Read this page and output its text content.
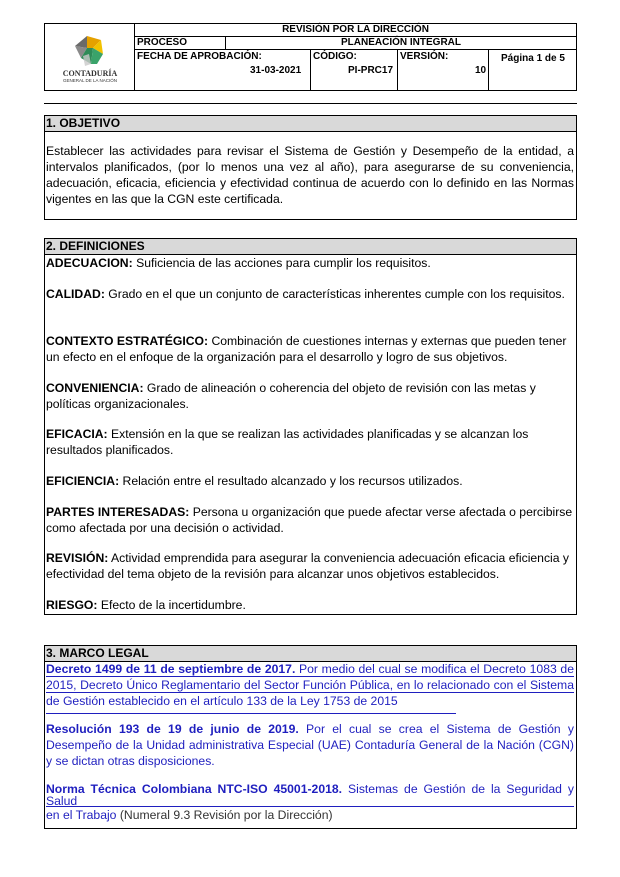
CONTADURÍA
GENERAL DE LA NACIÓN
REVISIÓN POR LA DIRECCIÓN
PROCESO	PLANEACIÓN INTEGRAL
FECHA DE APROBACIÓN:
31-03-2021
CÓDIGO:
PI-PRC17
VERSIÓN:
10
Página 1 de 5
1. OBJETIVO
Establecer las actividades para revisar el Sistema de Gestión y Desempeño de la entidad, a intervalos planificados, (por lo menos una vez al año), para asegurarse de su conveniencia, adecuación, eficacia, eficiencia y efectividad continua de acuerdo con lo definido en las Normas vigentes en las que la CGN este certificada.
2. DEFINICIONES
ADECUACION: Suficiencia de las acciones para cumplir los requisitos.
CALIDAD: Grado en el que un conjunto de características inherentes cumple con los requisitos.
CONTEXTO ESTRATÉGICO: Combinación de cuestiones internas y externas que pueden tener un efecto en el enfoque de la organización para el desarrollo y logro de sus objetivos.
CONVENIENCIA: Grado de alineación o coherencia del objeto de revisión con las metas y políticas organizacionales.
EFICACIA: Extensión en la que se realizan las actividades planificadas y se alcanzan los resultados planificados.
EFICIENCIA: Relación entre el resultado alcanzado y los recursos utilizados.
PARTES INTERESADAS: Persona u organización que puede afectar verse afectada o percibirse como afectada por una decisión o actividad.
REVISIÓN: Actividad emprendida para asegurar la conveniencia adecuación eficacia eficiencia y efectividad del tema objeto de la revisión para alcanzar unos objetivos establecidos.
RIESGO: Efecto de la incertidumbre.
3. MARCO LEGAL
Decreto 1499 de 11 de septiembre de 2017. Por medio del cual se modifica el Decreto 1083 de 2015, Decreto Único Reglamentario del Sector Función Pública, en lo relacionado con el Sistema de Gestión establecido en el artículo 133 de la Ley 1753 de 2015
Resolución 193 de 19 de junio de 2019. Por el cual se crea el Sistema de Gestión y Desempeño de la Unidad administrativa Especial (UAE) Contaduría General de la Nación (CGN) y se dictan otras disposiciones.
Norma Técnica Colombiana NTC-ISO 45001-2018. Sistemas de Gestión de la Seguridad y Salud
en el Trabajo (Numeral 9.3 Revisión por la Dirección)
